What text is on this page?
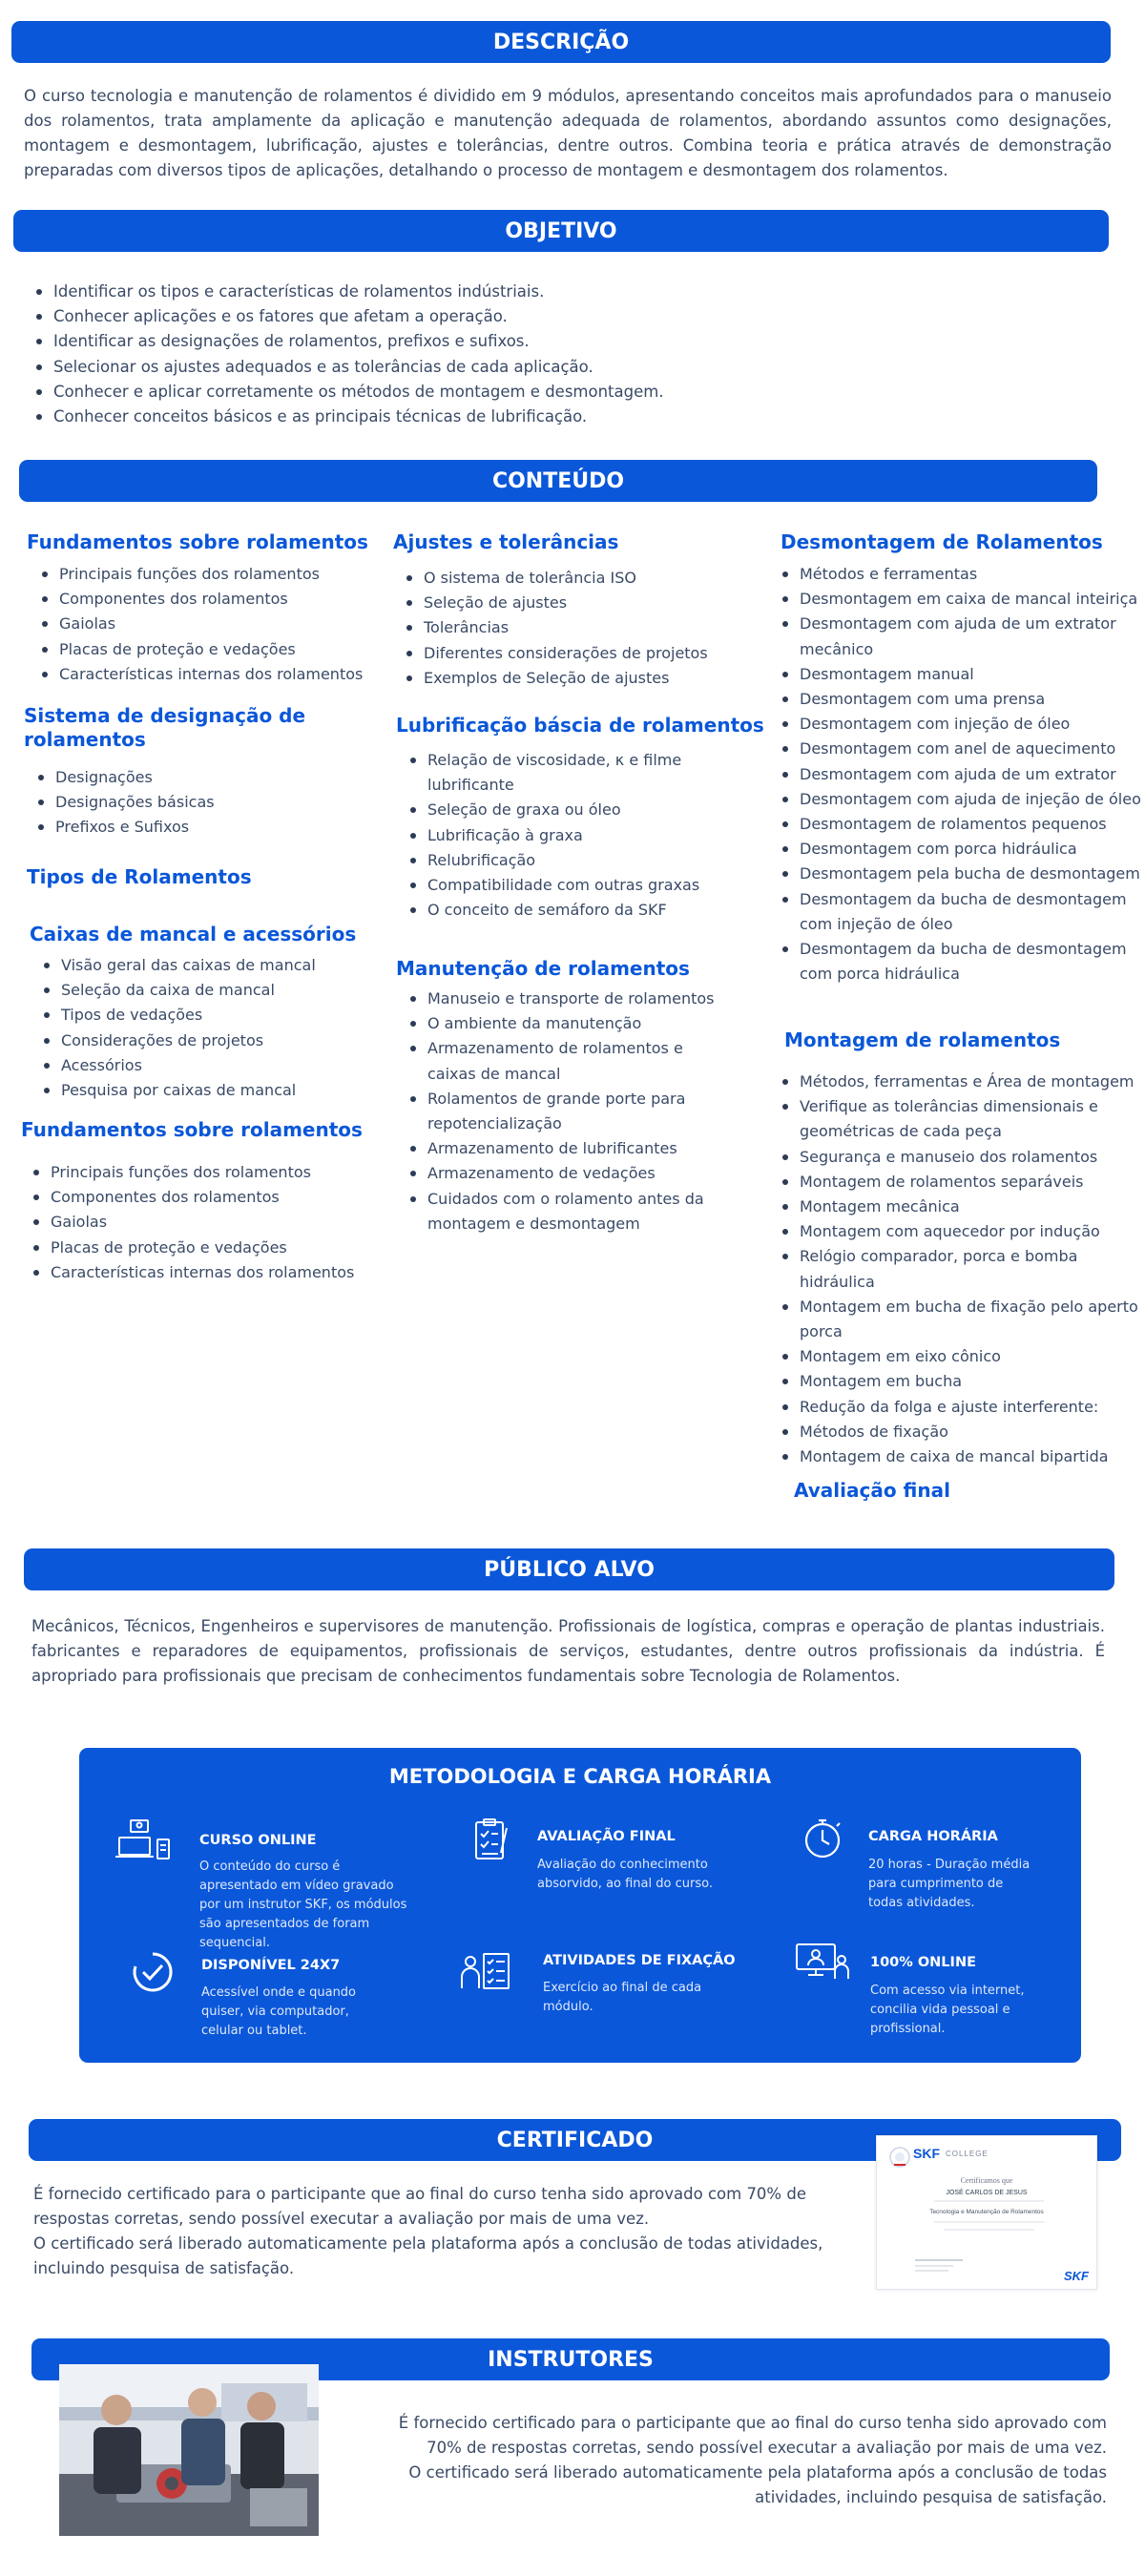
DESCRIÇÃO

O curso tecnologia e manutenção de rolamentos é dividido em 9 módulos, apresentando conceitos mais aprofundados para o manuseio dos rolamentos, trata amplamente da aplicação e manutenção adequada de rolamentos, abordando assuntos como designações, montagem e desmontagem, lubrificação, ajustes e tolerâncias, dentre outros. Combina teoria e prática através de demonstração preparadas com diversos tipos de aplicações, detalhando o processo de montagem e desmontagem dos rolamentos.

OBJETIVO
Identificar os tipos e características de rolamentos indústriais.
Conhecer aplicações e os fatores que afetam a operação.
Identificar as designações de rolamentos, prefixos e sufixos.
Selecionar os ajustes adequados e as tolerâncias de cada aplicação.
Conhecer e aplicar corretamente os métodos de montagem e desmontagem.
Conhecer conceitos básicos e as principais técnicas de lubrificação.
CONTEÚDO
Fundamentos sobre rolamentos
Principais funções dos rolamentos
Componentes dos rolamentos
Gaiolas
Placas de proteção e vedações
Características internas dos rolamentos
Sistema de designação de rolamentos
Designações
Designações básicas
Prefixos e Sufixos
Tipos de Rolamentos
Caixas de mancal e acessórios
Visão geral das caixas de mancal
Seleção da caixa de mancal
Tipos de vedações
Considerações de projetos
Acessórios
Pesquisa por caixas de mancal
Fundamentos sobre rolamentos
Principais funções dos rolamentos
Componentes dos rolamentos
Gaiolas
Placas de proteção e vedações
Características internas dos rolamentos
Ajustes e tolerâncias
O sistema de tolerância ISO
Seleção de ajustes
Tolerâncias
Diferentes considerações de projetos
Exemplos de Seleção de ajustes
Lubrificação báscia de rolamentos
Relação de viscosidade, κ e filme lubrificante
Seleção de graxa ou óleo
Lubrificação à graxa
Relubrificação
Compatibilidade com outras graxas
O conceito de semáforo da SKF
Manutenção de rolamentos
Manuseio e transporte de rolamentos
O ambiente da manutenção
Armazenamento de rolamentos e caixas de mancal
Rolamentos de grande porte para repotencialização
Armazenamento de lubrificantes
Armazenamento de vedações
Cuidados com o rolamento antes da montagem e desmontagem
Desmontagem de Rolamentos
Métodos e ferramentas
Desmontagem em caixa de mancal inteiriça
Desmontagem com ajuda de um extrator mecânico
Desmontagem manual
Desmontagem com uma prensa
Desmontagem com injeção de óleo
Desmontagem com anel de aquecimento
Desmontagem com ajuda de um extrator
Desmontagem com ajuda de injeção de óleo
Desmontagem de rolamentos pequenos
Desmontagem com porca hidráulica
Desmontagem pela bucha de desmontagem
Desmontagem da bucha de desmontagem com injeção de óleo
Desmontagem da bucha de desmontagem com porca hidráulica
Montagem de rolamentos
Métodos, ferramentas e Área de montagem
Verifique as tolerâncias dimensionais e geométricas de cada peça
Segurança e manuseio dos rolamentos
Montagem de rolamentos separáveis
Montagem mecânica
Montagem com aquecedor por indução
Relógio comparador, porca e bomba hidráulica
Montagem em bucha de fixação pelo aperto porca
Montagem em eixo cônico
Montagem em bucha
Redução da folga e ajuste interferente:
Métodos de fixação
Montagem de caixa de mancal bipartida
Avaliação final
PÚBLICO ALVO

Mecânicos, Técnicos, Engenheiros e supervisores de manutenção. Profissionais de logística, compras e operação de plantas industriais. fabricantes e reparadores de equipamentos, profissionais de serviços, estudantes, dentre outros profissionais da indústria. É apropriado para profissionais que precisam de conhecimentos fundamentais sobre Tecnologia de Rolamentos.

METODOLOGIA E CARGA HORÁRIA
CURSO ONLINE
O conteúdo do curso é apresentado em vídeo gravado por um instrutor SKF, os módulos são apresentados de foram sequencial.
AVALIAÇÃO FINAL
Avaliação do conhecimento absorvido, ao final do curso.
CARGA HORÁRIA
20 horas - Duração média para cumprimento de todas atividades.
DISPONÍVEL 24X7
Acessível onde e quando quiser, via computador, celular ou tablet.
ATIVIDADES DE FIXAÇÃO
Exercício ao final de cada módulo.
100% ONLINE
Com acesso via internet, concilia vida pessoal e profissional.
CERTIFICADO

É fornecido certificado para o participante que ao final do curso tenha sido aprovado com 70% de respostas corretas, sendo possível executar a avaliação por mais de uma vez.

O certificado será liberado automaticamente pela plataforma após a conclusão de todas atividades, incluindo pesquisa de satisfação.

SKF COLLEGE
Certificamos que
JOSÉ CARLOS DE JESUS
Tecnologia e Manutenção de Rolamentos
SKF
INSTRUTORES

É fornecido certificado para o participante que ao final do curso tenha sido aprovado com 70% de respostas corretas, sendo possível executar a avaliação por mais de uma vez.

O certificado será liberado automaticamente pela plataforma após a conclusão de todas atividades, incluindo pesquisa de satisfação.
